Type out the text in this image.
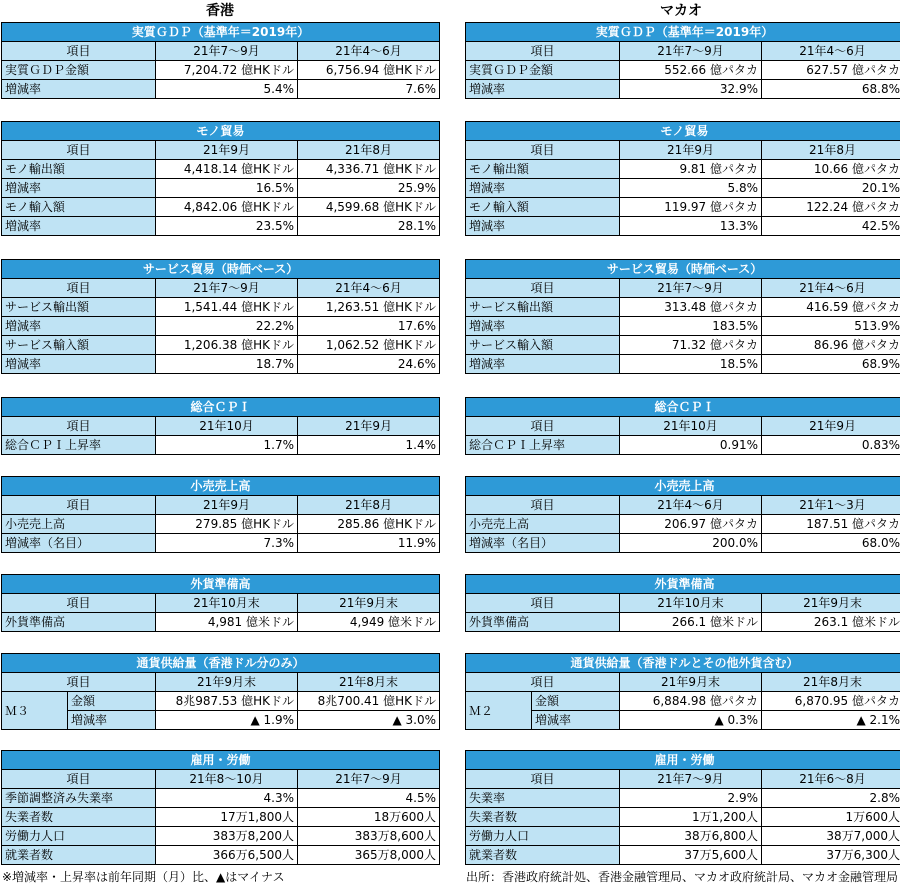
香港
実質ＧＤＰ（基準年＝2019年）		
項目	21年7～9月	21年4～6月
実質ＧＤＰ金額	7,204.72 億HKドル	6,756.94 億HKドル
増減率	5.4%	7.6%
モノ貿易		
項目	21年9月	21年8月
モノ輸出額	4,418.14 億HKドル	4,336.71 億HKドル
増減率	16.5%	25.9%
モノ輸入額	4,842.06 億HKドル	4,599.68 億HKドル
増減率	23.5%	28.1%
サービス貿易（時価ベース）		
項目	21年7～9月	21年4～6月
サービス輸出額	1,541.44 億HKドル	1,263.51 億HKドル
増減率	22.2%	17.6%
サービス輸入額	1,206.38 億HKドル	1,062.52 億HKドル
増減率	18.7%	24.6%
総合ＣＰＩ		
項目	21年10月	21年9月
総合ＣＰＩ上昇率	1.7%	1.4%
小売売上高		
項目	21年9月	21年8月
小売売上高	279.85 億HKドル	285.86 億HKドル
増減率（名目）	7.3%	11.9%
外貨準備高		
項目	21年10月末	21年9月末
外貨準備高	4,981 億米ドル	4,949 億米ドル
通貨供給量（香港ドル分のみ）			
項目		21年9月末	21年8月末
Ｍ３	金額	8兆987.53 億HKドル	8兆700.41 億HKドル
	増減率	▲ 1.9%	▲ 3.0%
雇用・労働		
項目	21年8～10月	21年7～9月
季節調整済み失業率	4.3%	4.5%
失業者数	17万1,800人	18万600人
労働力人口	383万8,200人	383万8,600人
就業者数	366万6,500人	365万8,000人
マカオ
実質ＧＤＰ（基準年＝2019年）		
項目	21年7～9月	21年4～6月
実質ＧＤＰ金額	552.66 億パタカ	627.57 億パタカ
増減率	32.9%	68.8%
モノ貿易		
項目	21年9月	21年8月
モノ輸出額	9.81 億パタカ	10.66 億パタカ
増減率	5.8%	20.1%
モノ輸入額	119.97 億パタカ	122.24 億パタカ
増減率	13.3%	42.5%
サービス貿易（時価ベース）		
項目	21年7～9月	21年4～6月
サービス輸出額	313.48 億パタカ	416.59 億パタカ
増減率	183.5%	513.9%
サービス輸入額	71.32 億パタカ	86.96 億パタカ
増減率	18.5%	68.9%
総合ＣＰＩ		
項目	21年10月	21年9月
総合ＣＰＩ上昇率	0.91%	0.83%
小売売上高		
項目	21年4～6月	21年1～3月
小売売上高	206.97 億パタカ	187.51 億パタカ
増減率（名目）	200.0%	68.0%
外貨準備高		
項目	21年10月末	21年9月末
外貨準備高	266.1 億米ドル	263.1 億米ドル
通貨供給量（香港ドルとその他外貨含む）			
項目		21年9月末	21年8月末
Ｍ２	金額	6,884.98 億パタカ	6,870.95 億パタカ
	増減率	▲ 0.3%	▲ 2.1%
雇用・労働		
項目	21年7～9月	21年6～8月
失業率	2.9%	2.8%
失業者数	1万1,200人	1万600人
労働力人口	38万6,800人	38万7,000人
就業者数	37万5,600人	37万6,300人
※増減率・上昇率は前年同期（月）比、▲はマイナス	出所：香港政府統計処、香港金融管理局、マカオ政府統計局、マカオ金融管理局
